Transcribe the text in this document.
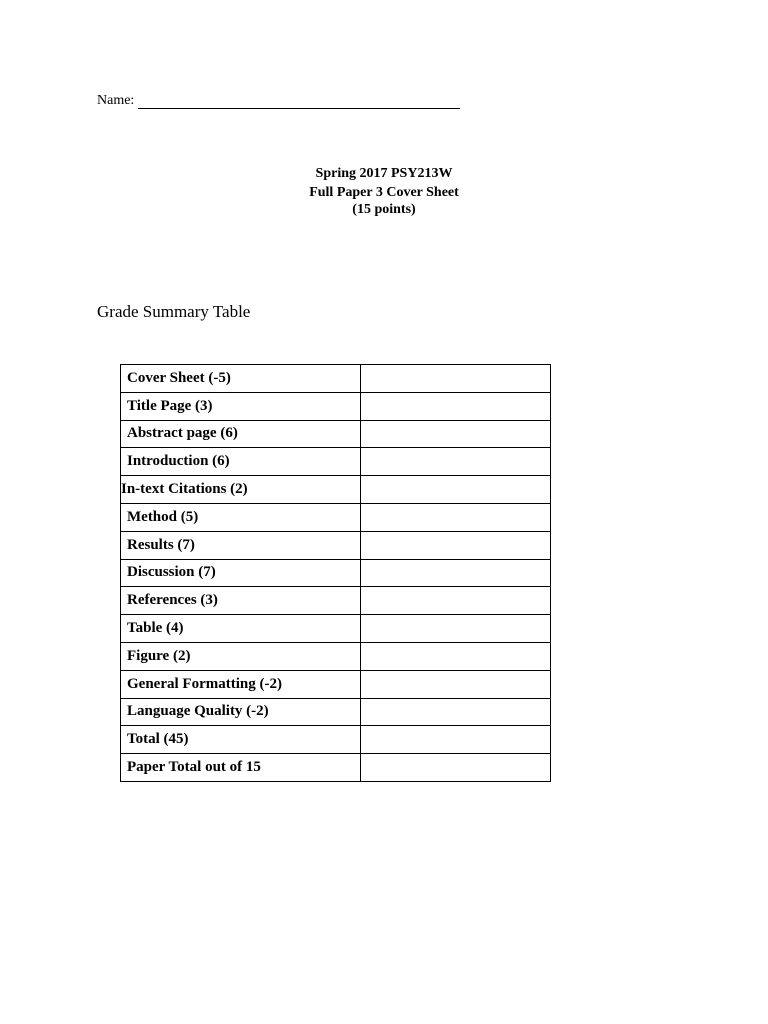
Name:
Spring 2017 PSY213W
Full Paper 3 Cover Sheet
(15 points)
Grade Summary Table
Cover Sheet (-5)	
Title Page (3)	
Abstract page (6)	
Introduction (6)	
In-text Citations (2)	
Method (5)	
Results (7)	
Discussion (7)	
References (3)	
Table (4)	
Figure (2)	
General Formatting (-2)	
Language Quality (-2)	
Total (45)	
Paper Total out of 15	
